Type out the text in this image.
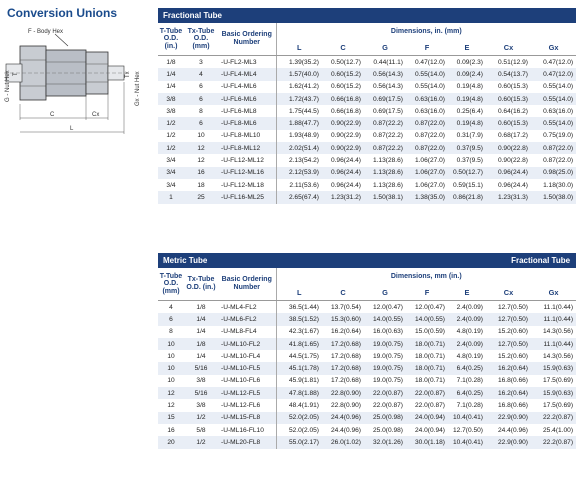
Conversion Unions
F - Body Hex
G - Nut Hex T	Gx - Nut Hex
Tx
C	Cx
L
Fractional Tube									
T-Tube O.D. (in.)	Tx-Tube O.D. (mm)	Basic Ordering Number	Dimensions, in. (mm)						
			L	C	G	F	E	Cx	Gx
1/8	3	-U-FL2-ML3	1.39(35.2)	0.50(12.7)	0.44(11.1)	0.47(12.0)	0.09(2.3)	0.51(12.9)	0.47(12.0)
1/4	4	-U-FL4-ML4	1.57(40.0)	0.60(15.2)	0.56(14.3)	0.55(14.0)	0.09(2.4)	0.54(13.7)	0.47(12.0)
1/4	6	-U-FL4-ML6	1.62(41.2)	0.60(15.2)	0.56(14.3)	0.55(14.0)	0.19(4.8)	0.60(15.3)	0.55(14.0)
3/8	6	-U-FL6-ML6	1.72(43.7)	0.66(16.8)	0.69(17.5)	0.63(16.0)	0.19(4.8)	0.60(15.3)	0.55(14.0)
3/8	8	-U-FL6-ML8	1.75(44.5)	0.66(16.8)	0.69(17.5)	0.63(16.0)	0.25(6.4)	0.64(16.2)	0.63(16.0)
1/2	6	-U-FL8-ML6	1.88(47.7)	0.90(22.9)	0.87(22.2)	0.87(22.0)	0.19(4.8)	0.60(15.3)	0.55(14.0)
1/2	10	-U-FL8-ML10	1.93(48.9)	0.90(22.9)	0.87(22.2)	0.87(22.0)	0.31(7.9)	0.68(17.2)	0.75(19.0)
1/2	12	-U-FL8-ML12	2.02(51.4)	0.90(22.9)	0.87(22.2)	0.87(22.0)	0.37(9.5)	0.90(22.8)	0.87(22.0)
3/4	12	-U-FL12-ML12	2.13(54.2)	0.96(24.4)	1.13(28.6)	1.06(27.0)	0.37(9.5)	0.90(22.8)	0.87(22.0)
3/4	16	-U-FL12-ML16	2.12(53.9)	0.96(24.4)	1.13(28.6)	1.06(27.0)	0.50(12.7)	0.96(24.4)	0.98(25.0)
3/4	18	-U-FL12-ML18	2.11(53.6)	0.96(24.4)	1.13(28.6)	1.06(27.0)	0.59(15.1)	0.96(24.4)	1.18(30.0)
1	25	-U-FL16-ML25	2.65(67.4)	1.23(31.2)	1.50(38.1)	1.38(35.0)	0.86(21.8)	1.23(31.3)	1.50(38.0)
Metric Tube					Fractional Tube				
T-Tube O.D. (mm)	Tx-Tube O.D. (in.)	Basic Ordering Number	Dimensions, mm (in.)						
			L	C	G	F	E	Cx	Gx
4	1/8	-U-ML4-FL2	36.5(1.44)	13.7(0.54)	12.0(0.47)	12.0(0.47)	2.4(0.09)	12.7(0.50)	11.1(0.44)
6	1/4	-U-ML6-FL2	38.5(1.52)	15.3(0.60)	14.0(0.55)	14.0(0.55)	2.4(0.09)	12.7(0.50)	11.1(0.44)
8	1/4	-U-ML8-FL4	42.3(1.67)	16.2(0.64)	16.0(0.63)	15.0(0.59)	4.8(0.19)	15.2(0.60)	14.3(0.56)
10	1/8	-U-ML10-FL2	41.8(1.65)	17.2(0.68)	19.0(0.75)	18.0(0.71)	2.4(0.09)	12.7(0.50)	11.1(0.44)
10	1/4	-U-ML10-FL4	44.5(1.75)	17.2(0.68)	19.0(0.75)	18.0(0.71)	4.8(0.19)	15.2(0.60)	14.3(0.56)
10	5/16	-U-ML10-FL5	45.1(1.78)	17.2(0.68)	19.0(0.75)	18.0(0.71)	6.4(0.25)	16.2(0.64)	15.9(0.63)
10	3/8	-U-ML10-FL6	45.9(1.81)	17.2(0.68)	19.0(0.75)	18.0(0.71)	7.1(0.28)	16.8(0.66)	17.5(0.69)
12	5/16	-U-ML12-FL5	47.8(1.88)	22.8(0.90)	22.0(0.87)	22.0(0.87)	6.4(0.25)	16.2(0.64)	15.9(0.63)
12	3/8	-U-ML12-FL6	48.4(1.91)	22.8(0.90)	22.0(0.87)	22.0(0.87)	7.1(0.28)	16.8(0.66)	17.5(0.69)
15	1/2	-U-ML15-FL8	52.0(2.05)	24.4(0.96)	25.0(0.98)	24.0(0.94)	10.4(0.41)	22.9(0.90)	22.2(0.87)
16	5/8	-U-ML16-FL10	52.0(2.05)	24.4(0.96)	25.0(0.98)	24.0(0.94)	12.7(0.50)	24.4(0.96)	25.4(1.00)
20	1/2	-U-ML20-FL8	55.0(2.17)	26.0(1.02)	32.0(1.26)	30.0(1.18)	10.4(0.41)	22.9(0.90)	22.2(0.87)
